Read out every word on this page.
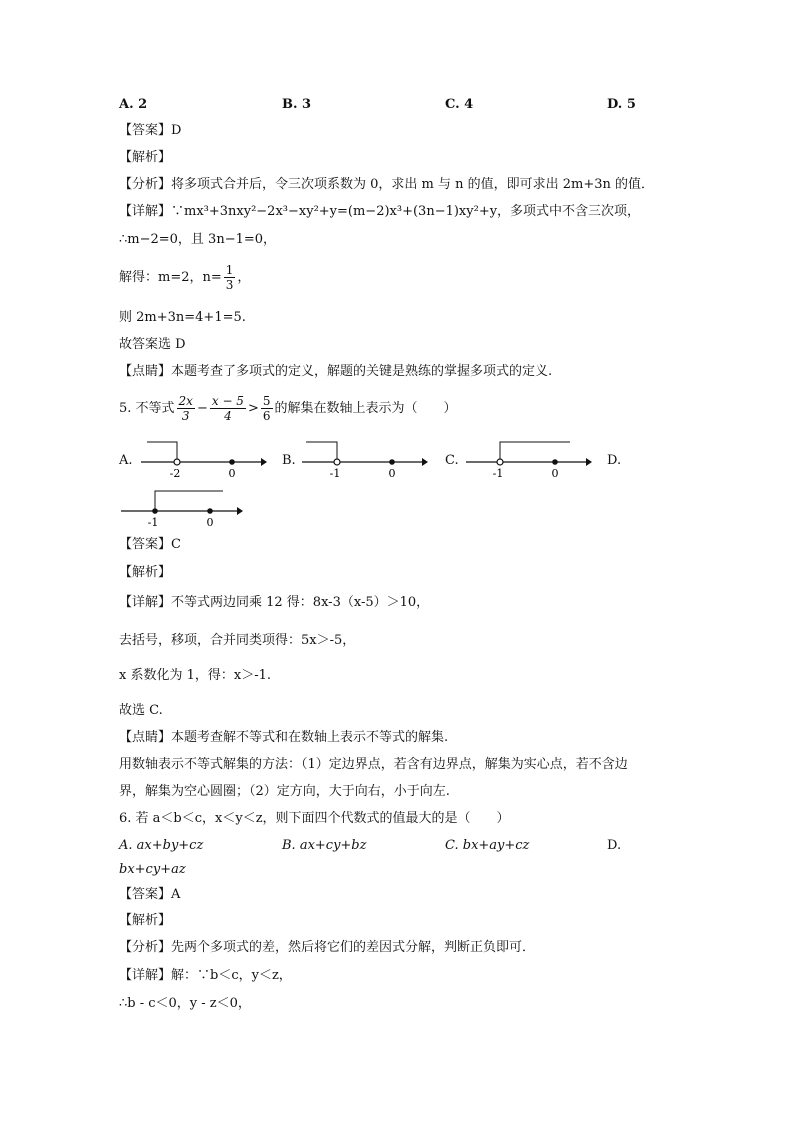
A. 2	B. 3	C. 4	D. 5
【答案】D
【解析】
【分析】将多项式合并后，令三次项系数为 0，求出 m 与 n 的值，即可求出 2m+3n 的值．
【详解】∵mx³+3nxy²−2x³−xy²+y=(m−2)x³+(3n−1)xy²+y，多项式中不含三次项，
∴m−2=0，且 3n−1=0，
解得：m=2，$n= \frac{1}{3}$ ，
则 2m+3n=4+1=5.
故答案选 D
【点睛】本题考查了多项式的定义，解题的关键是熟练的掌握多项式的定义.
5. 不等式 $\frac{2x}{3} - \frac{x - 5}{4} > \frac{5}{6}$ 的解集在数轴上表示为（　　）
A.
-2	0
B.
-1	0
C.
-1	0
D.
-1	0
【答案】C
【解析】
【详解】不等式两边同乘 12 得：8x-3（x-5）＞10，
去括号，移项，合并同类项得：5x＞-5，
x 系数化为 1，得：x＞-1.
故选 C.
【点睛】本题考查解不等式和在数轴上表示不等式的解集.
用数轴表示不等式解集的方法：（1）定边界点，若含有边界点，解集为实心点，若不含边
界，解集为空心圆圈；（2）定方向，大于向右，小于向左.
6. 若 a＜b＜c，x＜y＜z，则下面四个代数式的值最大的是（　　）
A. ax+by+cz	B. ax+cy+bz	C. bx+ay+cz	D.
bx+cy+az
【答案】A
【解析】
【分析】先两个多项式的差，然后将它们的差因式分解，判断正负即可．
【详解】解：∵b＜c，y＜z，
∴b - c＜0，y - z＜0，
